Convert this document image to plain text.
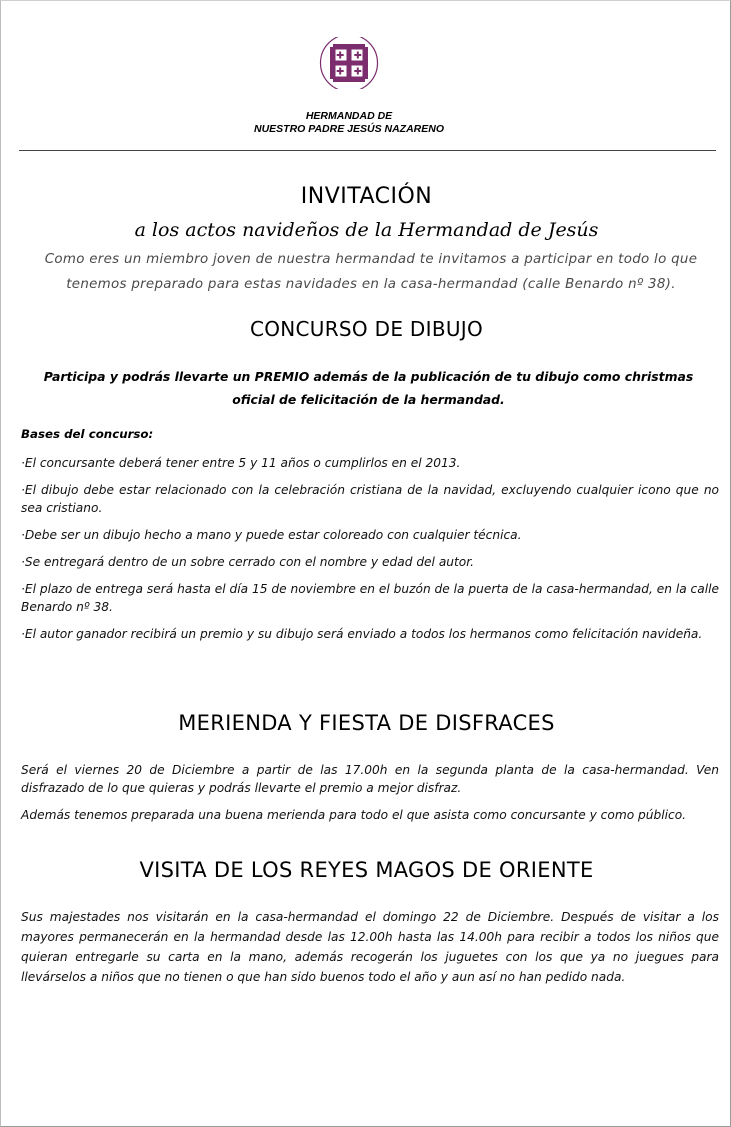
HERMANDAD DE
NUESTRO PADRE JESÚS NAZARENO
INVITACIÓN
a los actos navideños de la Hermandad de Jesús
Como eres un miembro joven de nuestra hermandad te invitamos a participar en todo lo que tenemos preparado para estas navidades en la casa-hermandad (calle Benardo nº 38).
CONCURSO DE DIBUJO
Participa y podrás llevarte un PREMIO además de la publicación de tu dibujo como christmas oficial de felicitación de la hermandad.
Bases del concurso:
·El concursante deberá tener entre 5 y 11 años o cumplirlos en el 2013.
·El dibujo debe estar relacionado con la celebración cristiana de la navidad, excluyendo cualquier icono que no sea cristiano.
·Debe ser un dibujo hecho a mano y puede estar coloreado con cualquier técnica.
·Se entregará dentro de un sobre cerrado con el nombre y edad del autor.
·El plazo de entrega será hasta el día 15 de noviembre en el buzón de la puerta de la casa-hermandad, en la calle Benardo nº 38.
·El autor ganador recibirá un premio y su dibujo será enviado a todos los hermanos como felicitación navideña.
MERIENDA Y FIESTA DE DISFRACES
Será el viernes 20 de Diciembre a partir de las 17.00h en la segunda planta de la casa-hermandad. Ven disfrazado de lo que quieras y podrás llevarte el premio a mejor disfraz.
Además tenemos preparada una buena merienda para todo el que asista como concursante y como público.
VISITA DE LOS REYES MAGOS DE ORIENTE
Sus majestades nos visitarán en la casa-hermandad el domingo 22 de Diciembre. Después de visitar a los mayores permanecerán en la hermandad desde las 12.00h hasta las 14.00h para recibir a todos los niños que quieran entregarle su carta en la mano, además recogerán los juguetes con los que ya no juegues para llevárselos a niños que no tienen o que han sido buenos todo el año y aun así no han pedido nada.
